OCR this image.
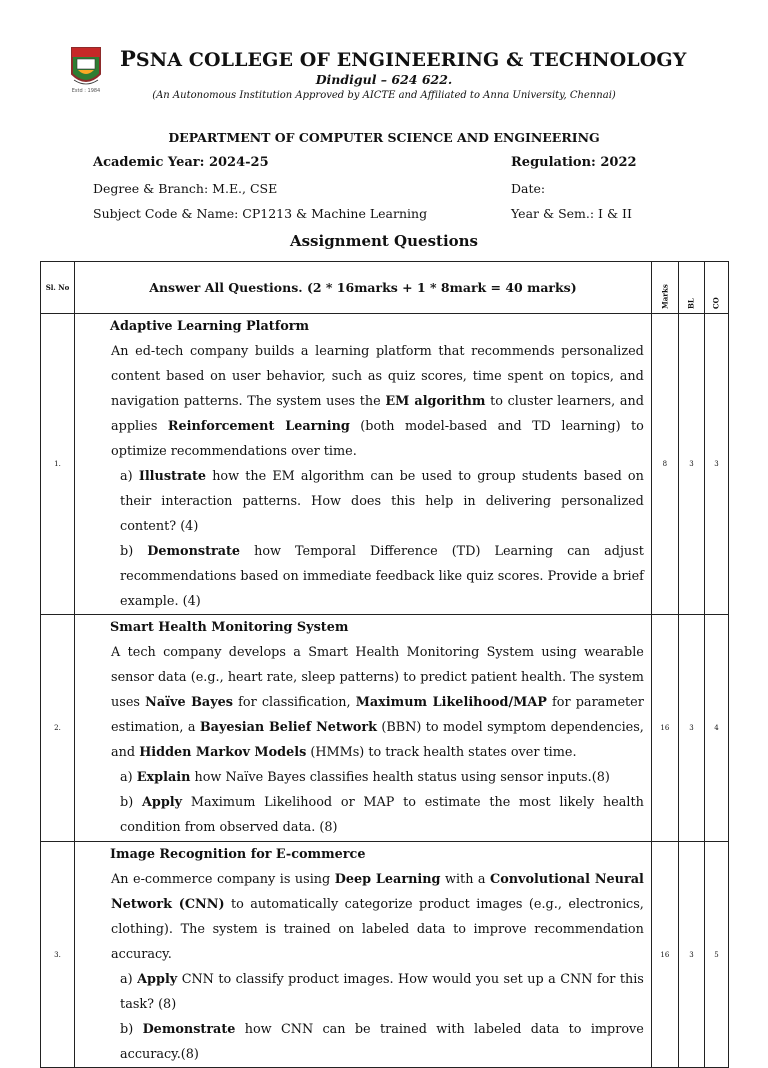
Estd : 1984
PSNA COLLEGE OF ENGINEERING & TECHNOLOGY
Dindigul – 624 622.
(An Autonomous Institution Approved by AICTE and Affiliated to Anna University, Chennai)
DEPARTMENT OF COMPUTER SCIENCE AND ENGINEERING
Academic Year: 2024-25	Regulation: 2022
Degree & Branch: M.E., CSE	Date:
Subject Code & Name: CP1213 & Machine Learning	Year & Sem.: I & II
Assignment Questions
Sl. No	Answer All Questions. (2 * 16marks + 1 * 8mark = 40 marks)	Marks	BL	CO

1.	Adaptive Learning Platform
An ed-tech company builds a learning platform that recommends personalized content based on user behavior, such as quiz scores, time spent on topics, and navigation patterns. The system uses the EM algorithm to cluster learners, and applies Reinforcement Learning (both model-based and TD learning) to optimize recommendations over time.
a) Illustrate how the EM algorithm can be used to group students based on their interaction patterns. How does this help in delivering personalized content? (4)
b) Demonstrate how Temporal Difference (TD) Learning can adjust recommendations based on immediate feedback like quiz scores. Provide a brief example. (4)	8	3	3
2.	Smart Health Monitoring System
A tech company develops a Smart Health Monitoring System using wearable sensor data (e.g., heart rate, sleep patterns) to predict patient health. The system uses Naïve Bayes for classification, Maximum Likelihood/MAP for parameter estimation, a Bayesian Belief Network (BBN) to model symptom dependencies, and Hidden Markov Models (HMMs) to track health states over time.
a) Explain how Naïve Bayes classifies health status using sensor inputs.(8)
b) Apply Maximum Likelihood or MAP to estimate the most likely health condition from observed data. (8)	16	3	4
3.	Image Recognition for E-commerce
An e-commerce company is using Deep Learning with a Convolutional Neural Network (CNN) to automatically categorize product images (e.g., electronics, clothing). The system is trained on labeled data to improve recommendation accuracy.
a) Apply CNN to classify product images. How would you set up a CNN for this task? (8)
b) Demonstrate how CNN can be trained with labeled data to improve accuracy.(8)	16	3	5
